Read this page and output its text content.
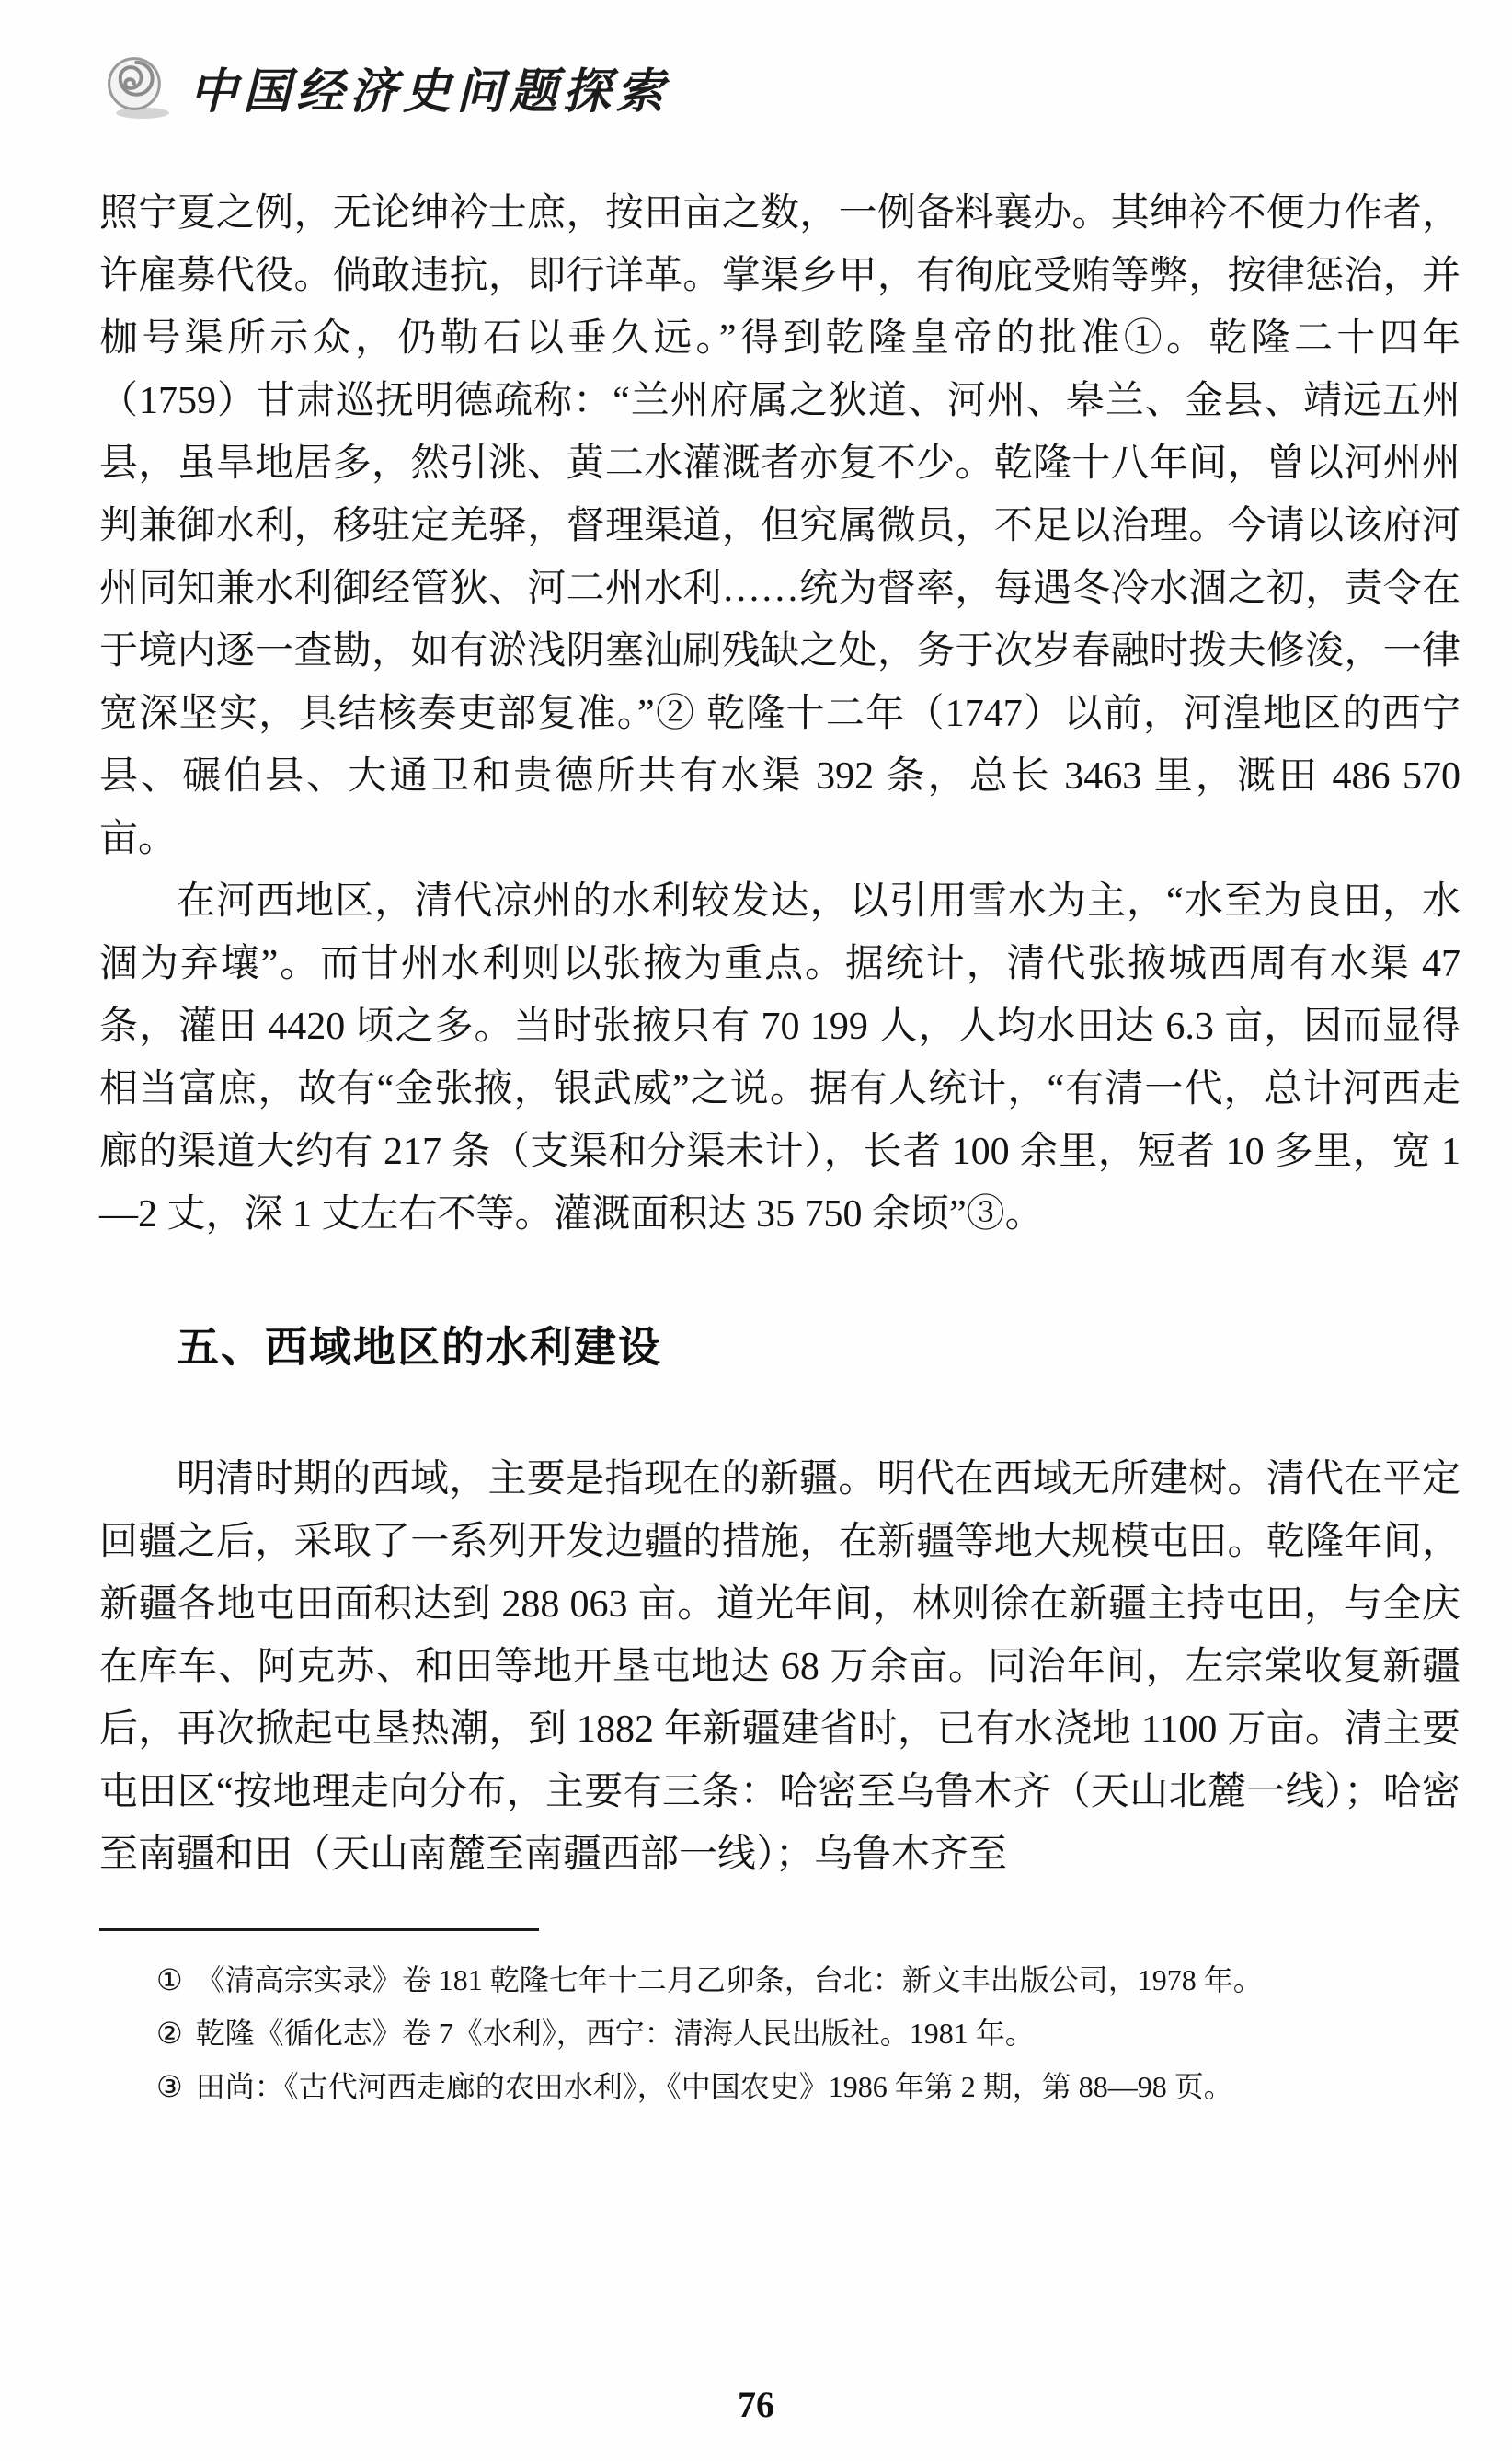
中国经济史问题探索

照宁夏之例，无论绅衿士庶，按田亩之数，一例备料襄办。其绅衿不便力作者，许雇募代役。倘敢违抗，即行详革。掌渠乡甲，有徇庇受贿等弊，按律惩治，并枷号渠所示众，仍勒石以垂久远。”得到乾隆皇帝的批准①。乾隆二十四年（1759）甘肃巡抚明德疏称：“兰州府属之狄道、河州、皋兰、金县、靖远五州县，虽旱地居多，然引洮、黄二水灌溉者亦复不少。乾隆十八年间，曾以河州州判兼御水利，移驻定羌驿，督理渠道，但究属微员，不足以治理。今请以该府河州同知兼水利御经管狄、河二州水利……统为督率，每遇冬冷水涸之初，责令在于境内逐一查勘，如有淤浅阴塞汕刷残缺之处，务于次岁春融时拨夫修浚，一律宽深坚实，具结核奏吏部复准。”② 乾隆十二年（1747）以前，河湟地区的西宁县、碾伯县、大通卫和贵德所共有水渠 392 条，总长 3463 里，溉田 486 570 亩。

在河西地区，清代凉州的水利较发达，以引用雪水为主，“水至为良田，水涸为弃壤”。而甘州水利则以张掖为重点。据统计，清代张掖城西周有水渠 47 条，灌田 4420 顷之多。当时张掖只有 70 199 人，人均水田达 6.3 亩，因而显得相当富庶，故有“金张掖，银武威”之说。据有人统计，“有清一代，总计河西走廊的渠道大约有 217 条（支渠和分渠未计），长者 100 余里，短者 10 多里，宽 1—2 丈，深 1 丈左右不等。灌溉面积达 35 750 余顷”③。

五、西域地区的水利建设

明清时期的西域，主要是指现在的新疆。明代在西域无所建树。清代在平定回疆之后，采取了一系列开发边疆的措施，在新疆等地大规模屯田。乾隆年间，新疆各地屯田面积达到 288 063 亩。道光年间，林则徐在新疆主持屯田，与全庆在库车、阿克苏、和田等地开垦屯地达 68 万余亩。同治年间，左宗棠收复新疆后，再次掀起屯垦热潮，到 1882 年新疆建省时，已有水浇地 1100 万亩。清主要屯田区“按地理走向分布，主要有三条：哈密至乌鲁木齐（天山北麓一线）；哈密至南疆和田（天山南麓至南疆西部一线）；乌鲁木齐至

① 《清高宗实录》卷 181 乾隆七年十二月乙卯条，台北：新文丰出版公司，1978 年。
② 乾隆《循化志》卷 7《水利》，西宁：清海人民出版社。1981 年。
③ 田尚：《古代河西走廊的农田水利》，《中国农史》1986 年第 2 期，第 88—98 页。
76
